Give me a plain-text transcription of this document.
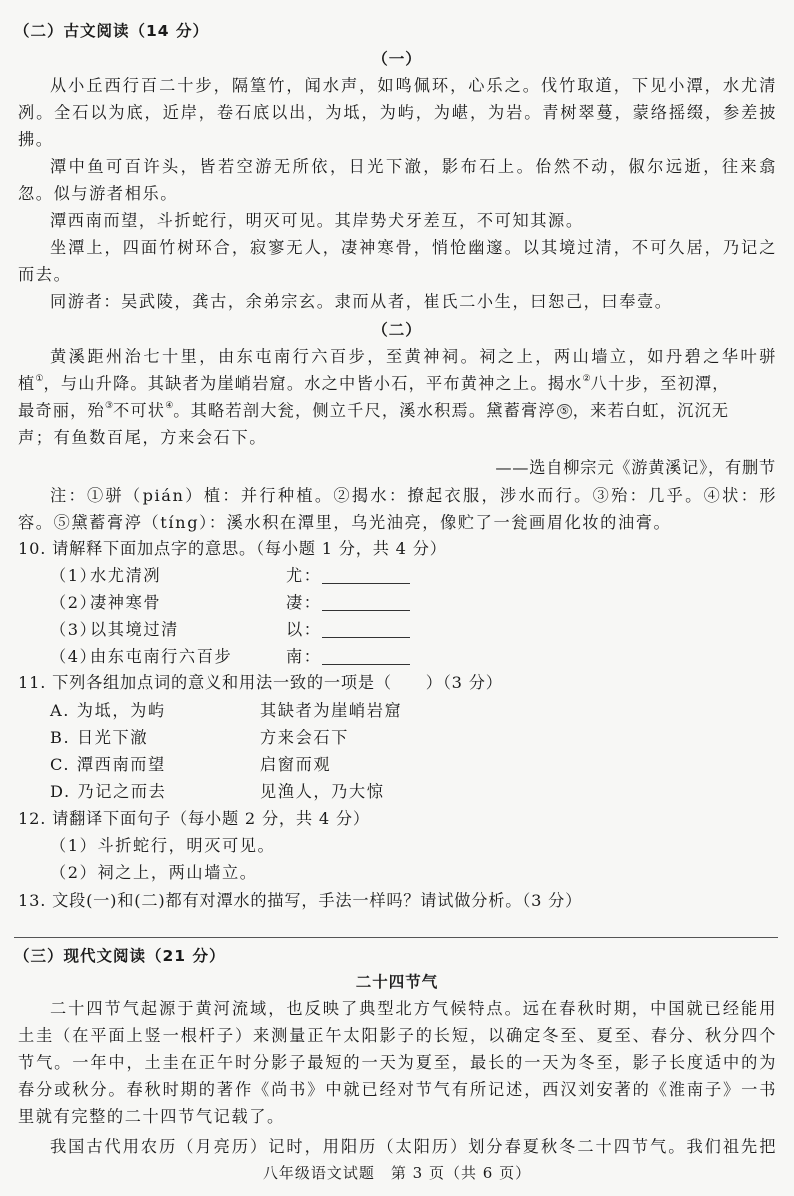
（二）古文阅读（14 分）
（一）
从小丘西行百二十步，隔篁竹，闻水声，如鸣佩环，心乐之。伐竹取道，下见小潭，水尤清
冽。全石以为底，近岸，卷石底以出，为坻，为屿，为嵁，为岩。青树翠蔓，蒙络摇缀，参差披
拂。
潭中鱼可百许头，皆若空游无所依，日光下澈，影布石上。佁然不动，俶尔远逝，往来翕
忽。似与游者相乐。
潭西南而望，斗折蛇行，明灭可见。其岸势犬牙差互，不可知其源。
坐潭上，四面竹树环合，寂寥无人，凄神寒骨，悄怆幽邃。以其境过清，不可久居，乃记之
而去。
同游者：吴武陵，龚古，余弟宗玄。隶而从者，崔氏二小生，曰恕己，曰奉壹。
（二）
黄溪距州治七十里，由东屯南行六百步，至黄神祠。祠之上，两山墙立，如丹碧之华叶骈
植①，与山升降。其缺者为崖峭岩窟。水之中皆小石，平布黄神之上。揭水②八十步，至初潭，
最奇丽，殆③不可状④。其略若剖大瓮，侧立千尺，溪水积焉。黛蓄膏渟 ⑤ ，来若白虹，沉沉无
声；有鱼数百尾，方来会石下。
——选自柳宗元《游黄溪记》，有删节
注：①骈（pián）植：并行种植。②揭水：撩起衣服，涉水而行。③殆：几乎。④状：形
容。⑤黛蓄膏渟（tíng）：溪水积在潭里，乌光油亮，像贮了一瓮画眉化妆的油膏。
10. 请解释下面加点字的意思。（每小题 1 分，共 4 分）
（1）
水尤清冽	尤：
（2）
凄神寒骨	凄：
（3）
以其境过清	以：
（4）
由东屯南行六百步	南：
11. 下列各组加点词的意义和用法一致的一项是（　　）（3 分）
A. 为坻，为屿	其缺者为崖峭岩窟
B. 日光下澈	方来会石下
C. 潭西南而望	启窗而观
D. 乃记之而去	见渔人，乃大惊
12. 请翻译下面句子（每小题 2 分，共 4 分）
（1）斗折蛇行，明灭可见。
（2）祠之上，两山墙立。
13. 文段(一)和(二)都有对潭水的描写，手法一样吗？请试做分析。（3 分）
（三）现代文阅读（21 分）
二十四节气
二十四节气起源于黄河流域，也反映了典型北方气候特点。远在春秋时期，中国就已经能用
土圭（在平面上竖一根杆子）来测量正午太阳影子的长短，以确定冬至、夏至、春分、秋分四个
节气。一年中，土圭在正午时分影子最短的一天为夏至，最长的一天为冬至，影子长度适中的为
春分或秋分。春秋时期的著作《尚书》中就已经对节气有所记述，西汉刘安著的《淮南子》一书
里就有完整的二十四节气记载了。
我国古代用农历（月亮历）记时，用阳历（太阳历）划分春夏秋冬二十四节气。我们祖先把
八年级语文试题　第 3 页（共 6 页）
